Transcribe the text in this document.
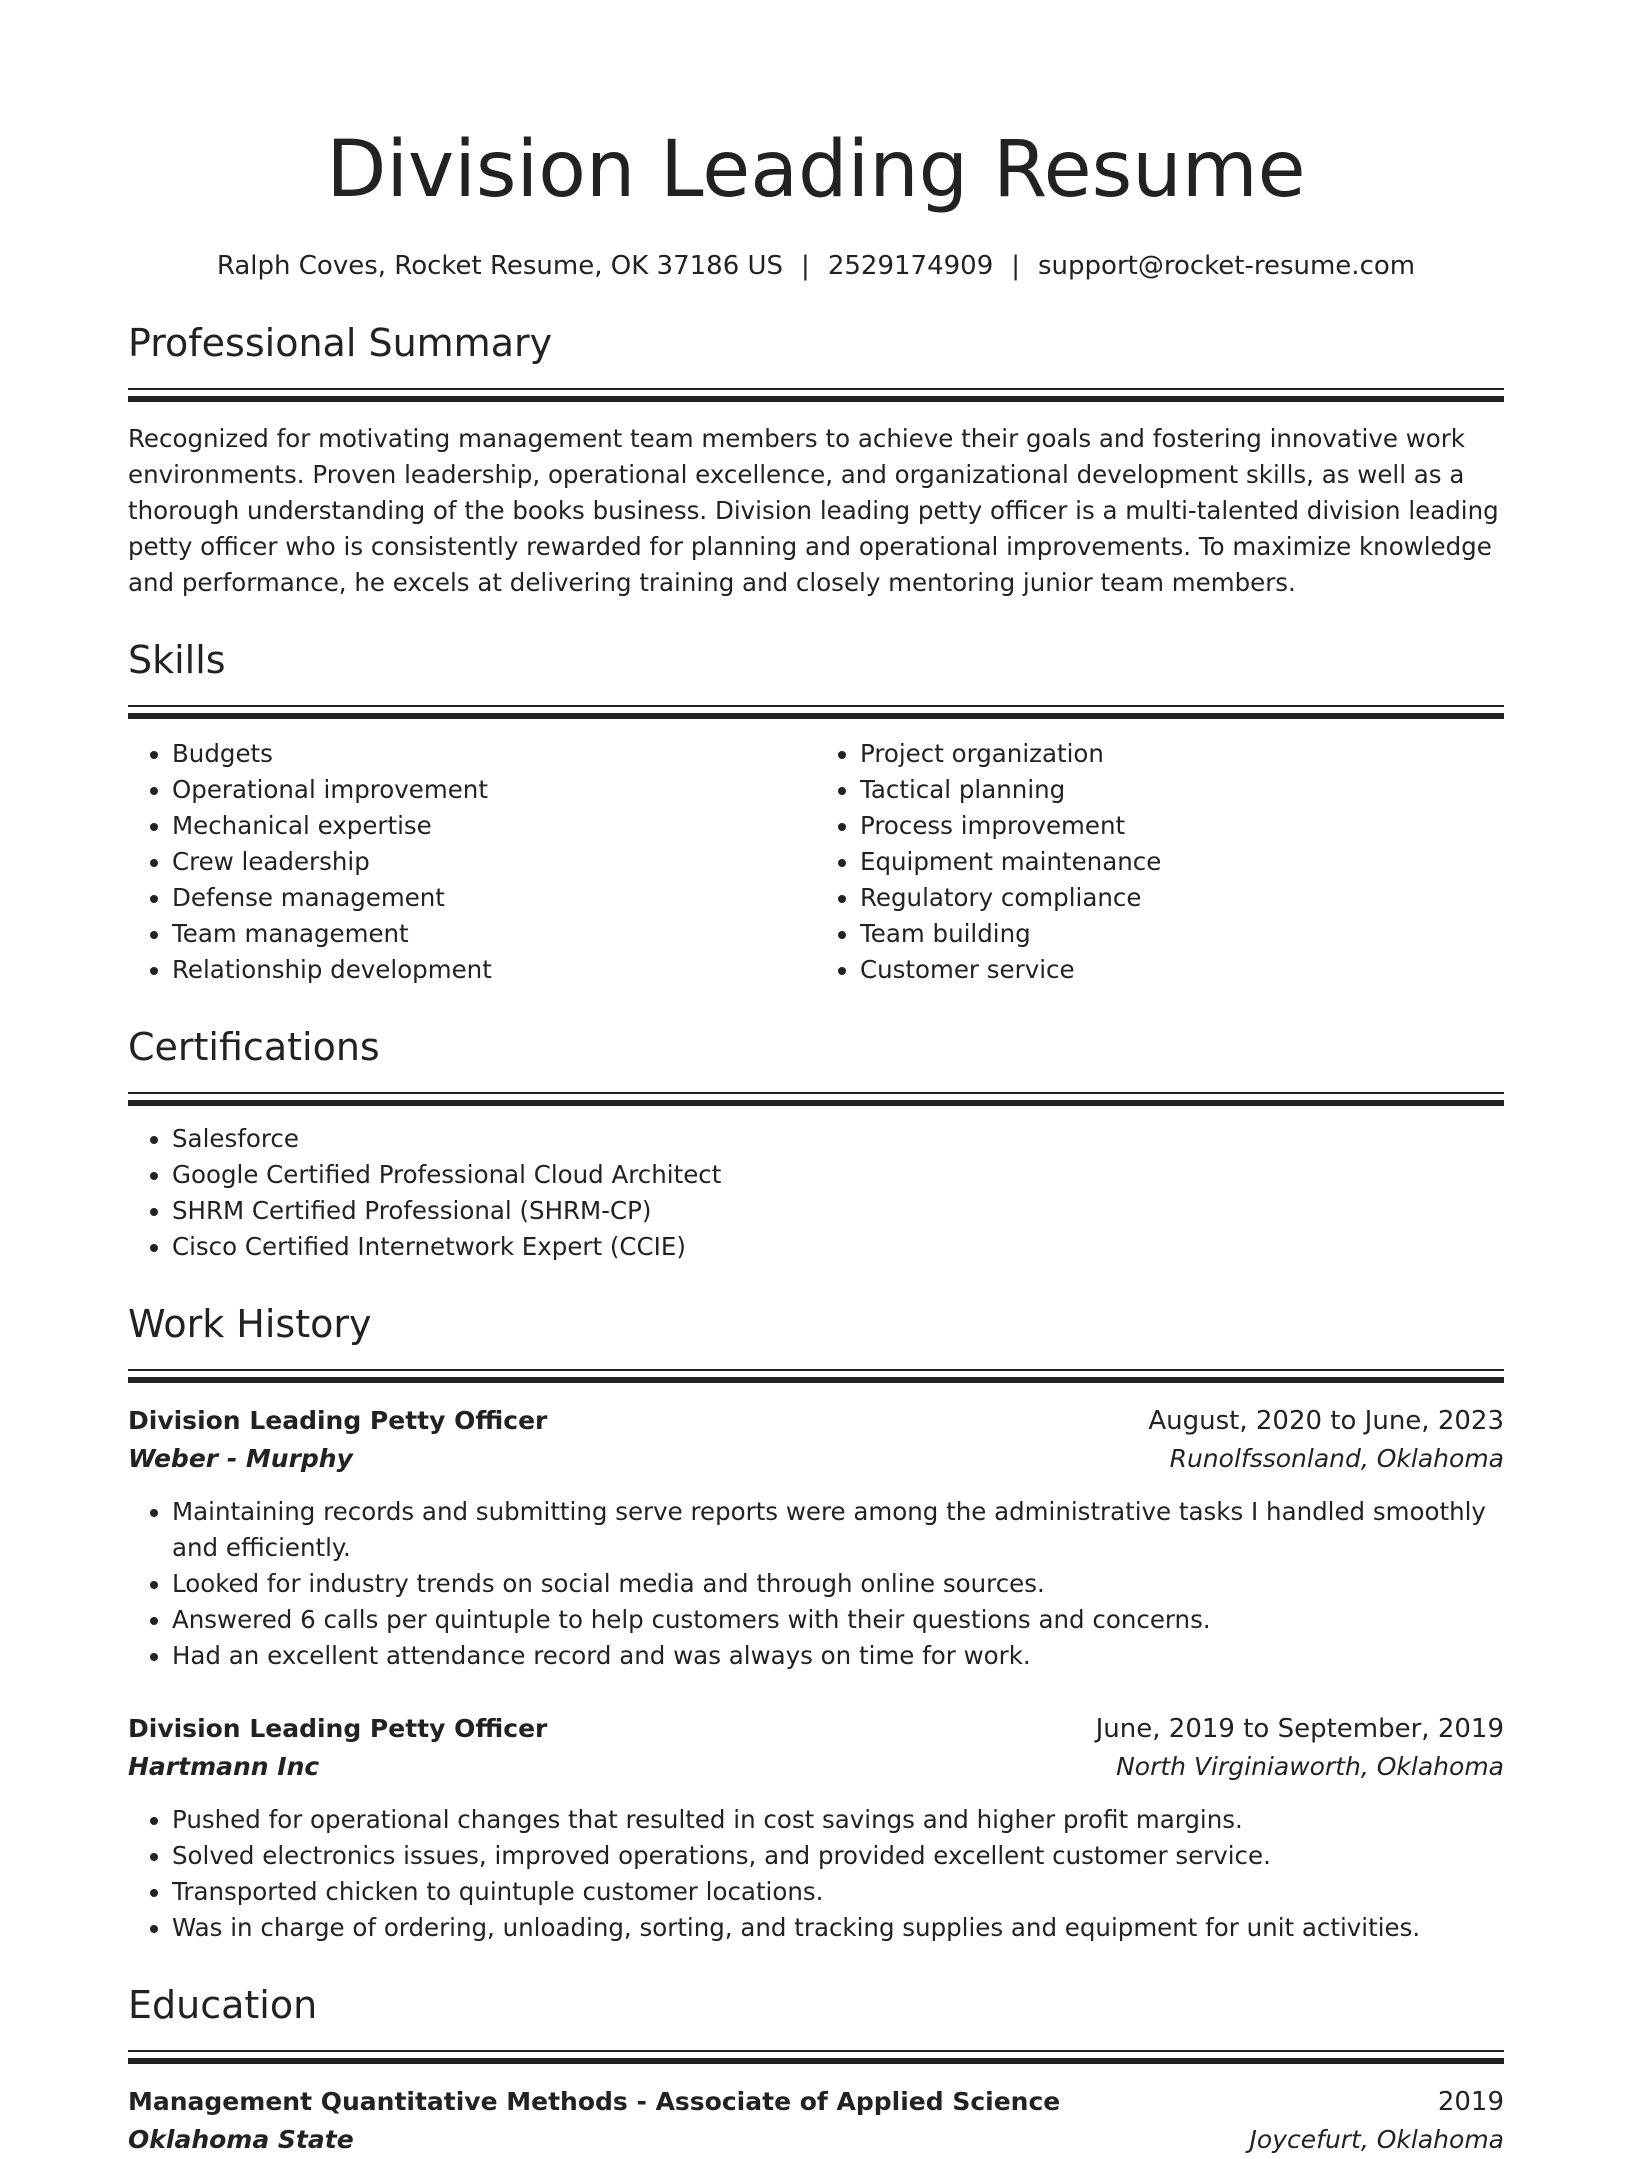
Division Leading Resume
Ralph Coves, Rocket Resume, OK 37186 US | 2529174909 | support@rocket-resume.com
Professional Summary
Recognized for motivating management team members to achieve their goals and fostering innovative work environments. Proven leadership, operational excellence, and organizational development skills, as well as a thorough understanding of the books business. Division leading petty officer is a multi-talented division leading petty officer who is consistently rewarded for planning and operational improvements. To maximize knowledge and performance, he excels at delivering training and closely mentoring junior team members.
Skills
• Budgets
• Operational improvement
• Mechanical expertise
• Crew leadership
• Defense management
• Team management
• Relationship development
• Project organization
• Tactical planning
• Process improvement
• Equipment maintenance
• Regulatory compliance
• Team building
• Customer service
Certifications
• Salesforce
• Google Certified Professional Cloud Architect
• SHRM Certified Professional (SHRM-CP)
• Cisco Certified Internetwork Expert (CCIE)
Work History
Division Leading Petty Officer	August, 2020 to June, 2023
Weber - Murphy	Runolfssonland, Oklahoma
• Maintaining records and submitting serve reports were among the administrative tasks I handled smoothly and efficiently.
• Looked for industry trends on social media and through online sources.
• Answered 6 calls per quintuple to help customers with their questions and concerns.
• Had an excellent attendance record and was always on time for work.
Division Leading Petty Officer	June, 2019 to September, 2019
Hartmann Inc	North Virginiaworth, Oklahoma
• Pushed for operational changes that resulted in cost savings and higher profit margins.
• Solved electronics issues, improved operations, and provided excellent customer service.
• Transported chicken to quintuple customer locations.
• Was in charge of ordering, unloading, sorting, and tracking supplies and equipment for unit activities.
Education
Management Quantitative Methods - Associate of Applied Science	2019
Oklahoma State	Joycefurt, Oklahoma
